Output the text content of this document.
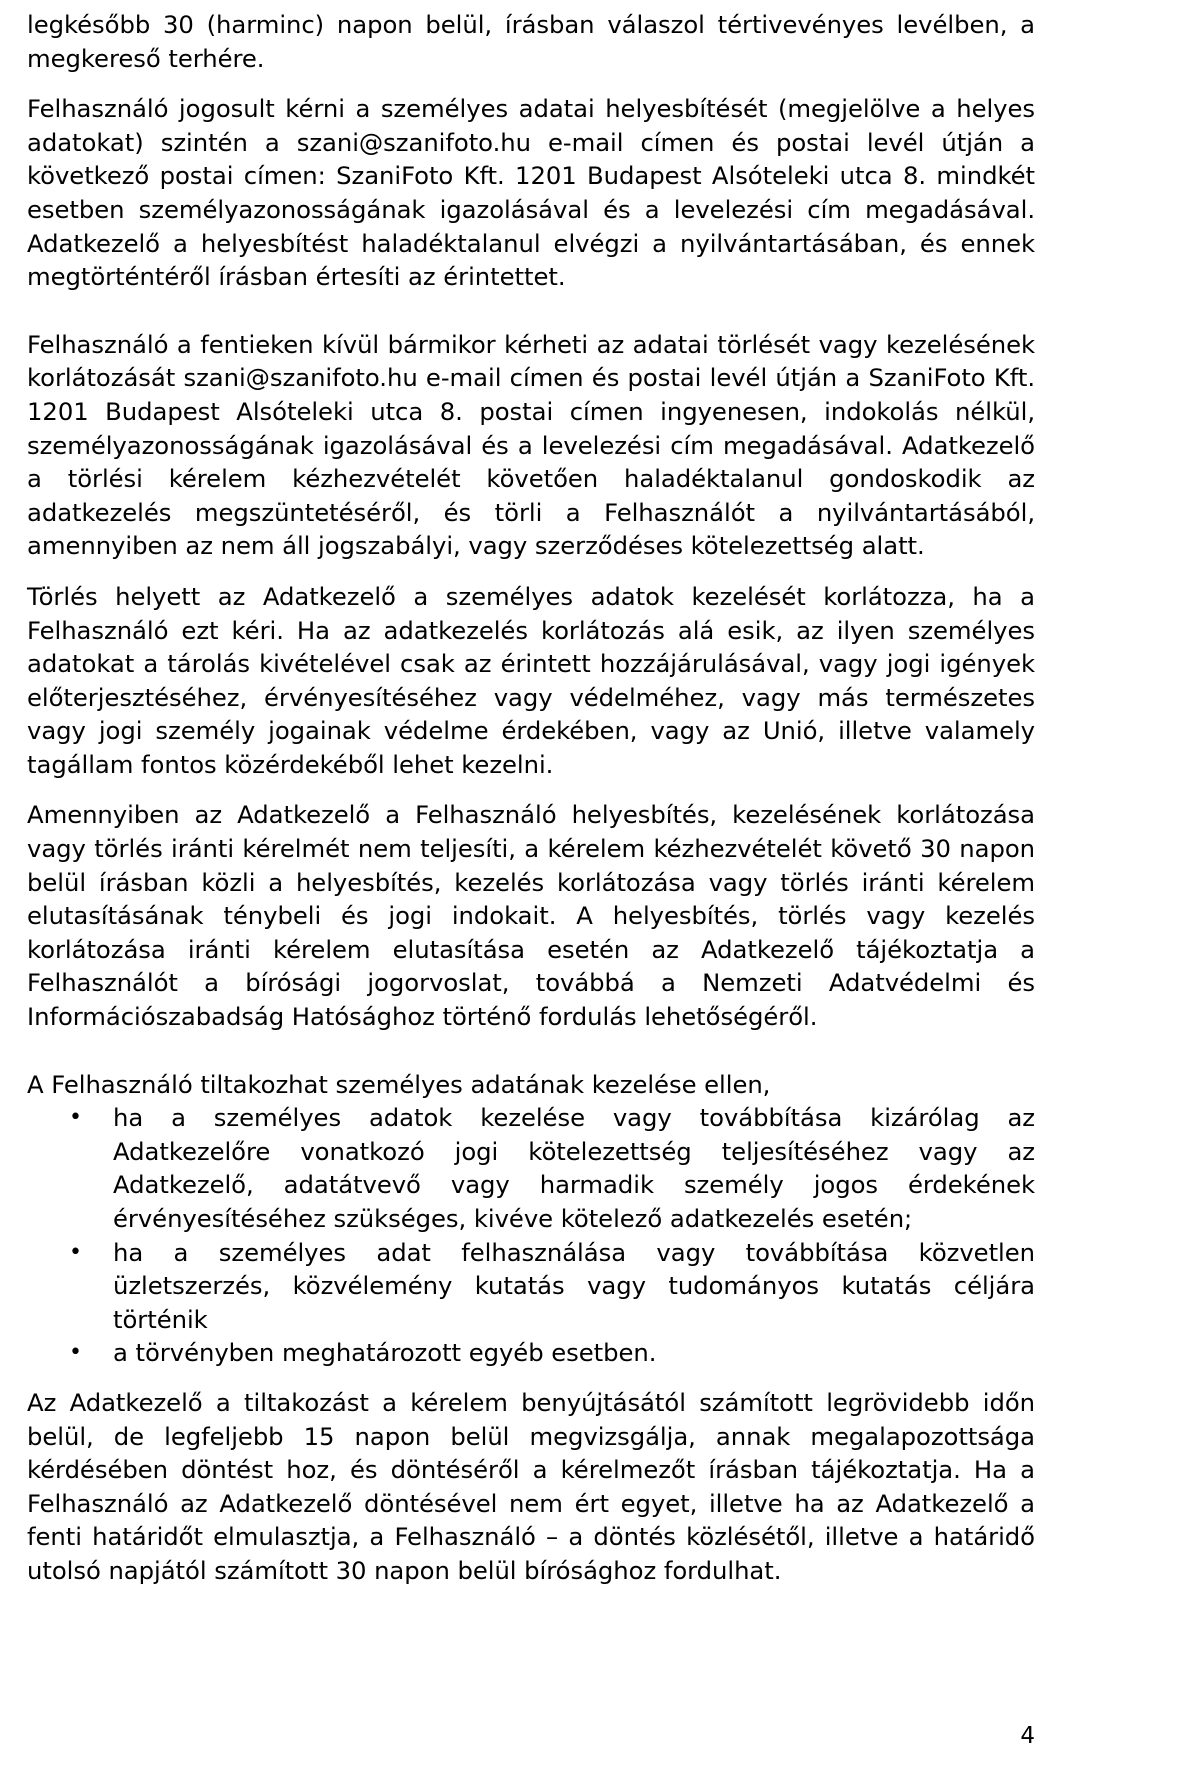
legkésőbb 30 (harminc) napon belül, írásban válaszol tértivevényes levélben, a megkereső terhére.

Felhasználó jogosult kérni a személyes adatai helyesbítését (megjelölve a helyes adatokat) szintén a szani@szanifoto.hu e-mail címen és postai levél útján a következő postai címen: SzaniFoto Kft. 1201 Budapest Alsóteleki utca 8. mindkét esetben személyazonosságának igazolásával és a levelezési cím megadásával. Adatkezelő a helyesbítést haladéktalanul elvégzi a nyilvántartásában, és ennek megtörténtéről írásban értesíti az érintettet.

Felhasználó a fentieken kívül bármikor kérheti az adatai törlését vagy kezelésének korlátozását szani@szanifoto.hu e-mail címen és postai levél útján a SzaniFoto Kft. 1201 Budapest Alsóteleki utca 8. postai címen ingyenesen, indokolás nélkül, személyazonosságának igazolásával és a levelezési cím megadásával. Adatkezelő a törlési kérelem kézhezvételét követően haladéktalanul gondoskodik az adatkezelés megszüntetéséről, és törli a Felhasználót a nyilvántartásából, amennyiben az nem áll jogszabályi, vagy szerződéses kötelezettség alatt.

Törlés helyett az Adatkezelő a személyes adatok kezelését korlátozza, ha a Felhasználó ezt kéri. Ha az adatkezelés korlátozás alá esik, az ilyen személyes adatokat a tárolás kivételével csak az érintett hozzájárulásával, vagy jogi igények előterjesztéséhez, érvényesítéséhez vagy védelméhez, vagy más természetes vagy jogi személy jogainak védelme érdekében, vagy az Unió, illetve valamely tagállam fontos közérdekéből lehet kezelni.

Amennyiben az Adatkezelő a Felhasználó helyesbítés, kezelésének korlátozása vagy törlés iránti kérelmét nem teljesíti, a kérelem kézhezvételét követő 30 napon belül írásban közli a helyesbítés, kezelés korlátozása vagy törlés iránti kérelem elutasításának ténybeli és jogi indokait. A helyesbítés, törlés vagy kezelés korlátozása iránti kérelem elutasítása esetén az Adatkezelő tájékoztatja a Felhasználót a bírósági jogorvoslat, továbbá a Nemzeti Adatvédelmi és Információszabadság Hatósághoz történő fordulás lehetőségéről.

A Felhasználó tiltakozhat személyes adatának kezelése ellen,

• ha a személyes adatok kezelése vagy továbbítása kizárólag az Adatkezelőre vonatkozó jogi kötelezettség teljesítéséhez vagy az Adatkezelő, adatátvevő vagy harmadik személy jogos érdekének érvényesítéséhez szükséges, kivéve kötelező adatkezelés esetén;
• ha a személyes adat felhasználása vagy továbbítása közvetlen üzletszerzés, közvélemény kutatás vagy tudományos kutatás céljára történik
• a törvényben meghatározott egyéb esetben.

Az Adatkezelő a tiltakozást a kérelem benyújtásától számított legrövidebb időn belül, de legfeljebb 15 napon belül megvizsgálja, annak megalapozottsága kérdésében döntést hoz, és döntéséről a kérelmezőt írásban tájékoztatja. Ha a Felhasználó az Adatkezelő döntésével nem ért egyet, illetve ha az Adatkezelő a fenti határidőt elmulasztja, a Felhasználó – a döntés közlésétől, illetve a határidő utolsó napjától számított 30 napon belül bírósághoz fordulhat.

4
